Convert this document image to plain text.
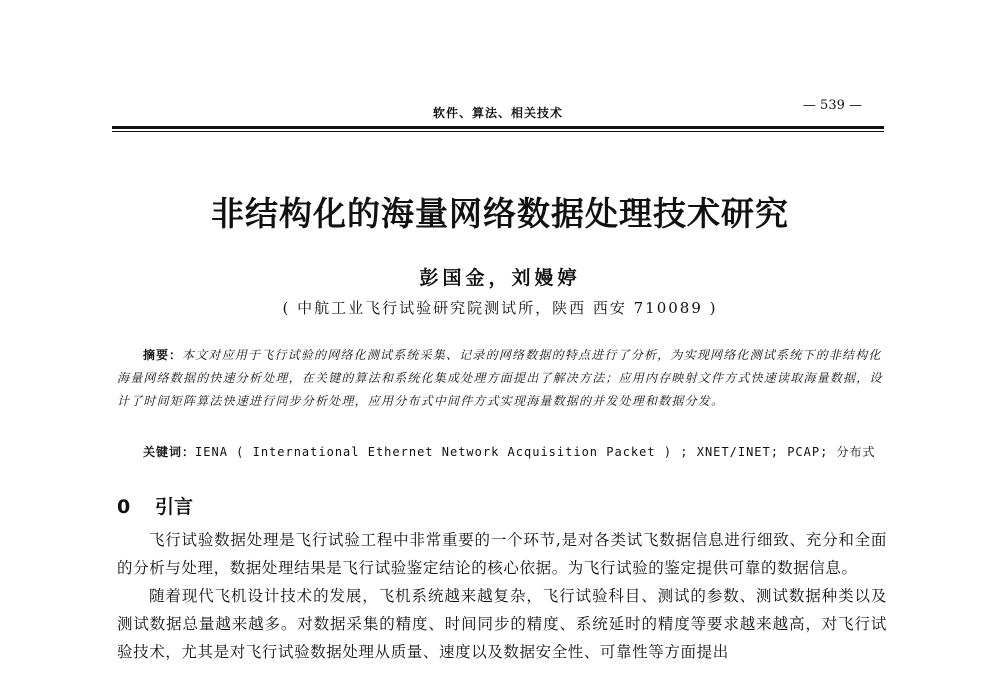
软件、算法、相关技术	— 539 —
非结构化的海量网络数据处理技术研究
彭国金，刘嫚婷
( 中航工业飞行试验研究院测试所，陕西 西安 710089 )
摘要：本文对应用于飞行试验的网络化测试系统采集、记录的网络数据的特点进行了分析，为实现网络化测试系统下的非结构化海量网络数据的快速分析处理，在关键的算法和系统化集成处理方面提出了解决方法；应用内存映射文件方式快速读取海量数据，设计了时间矩阵算法快速进行同步分析处理，应用分布式中间件方式实现海量数据的并发处理和数据分发。
关键词：IENA ( International Ethernet Network Acquisition Packet ) ; XNET/INET; PCAP; 分布式
0 引言

飞行试验数据处理是飞行试验工程中非常重要的一个环节,是对各类试飞数据信息进行细致、充分和全面的分析与处理，数据处理结果是飞行试验鉴定结论的核心依据。为飞行试验的鉴定提供可靠的数据信息。

随着现代飞机设计技术的发展，飞机系统越来越复杂，飞行试验科目、测试的参数、测试数据种类以及测试数据总量越来越多。对数据采集的精度、时间同步的精度、系统延时的精度等要求越来越高，对飞行试验技术，尤其是对飞行试验数据处理从质量、速度以及数据安全性、可靠性等方面提出
